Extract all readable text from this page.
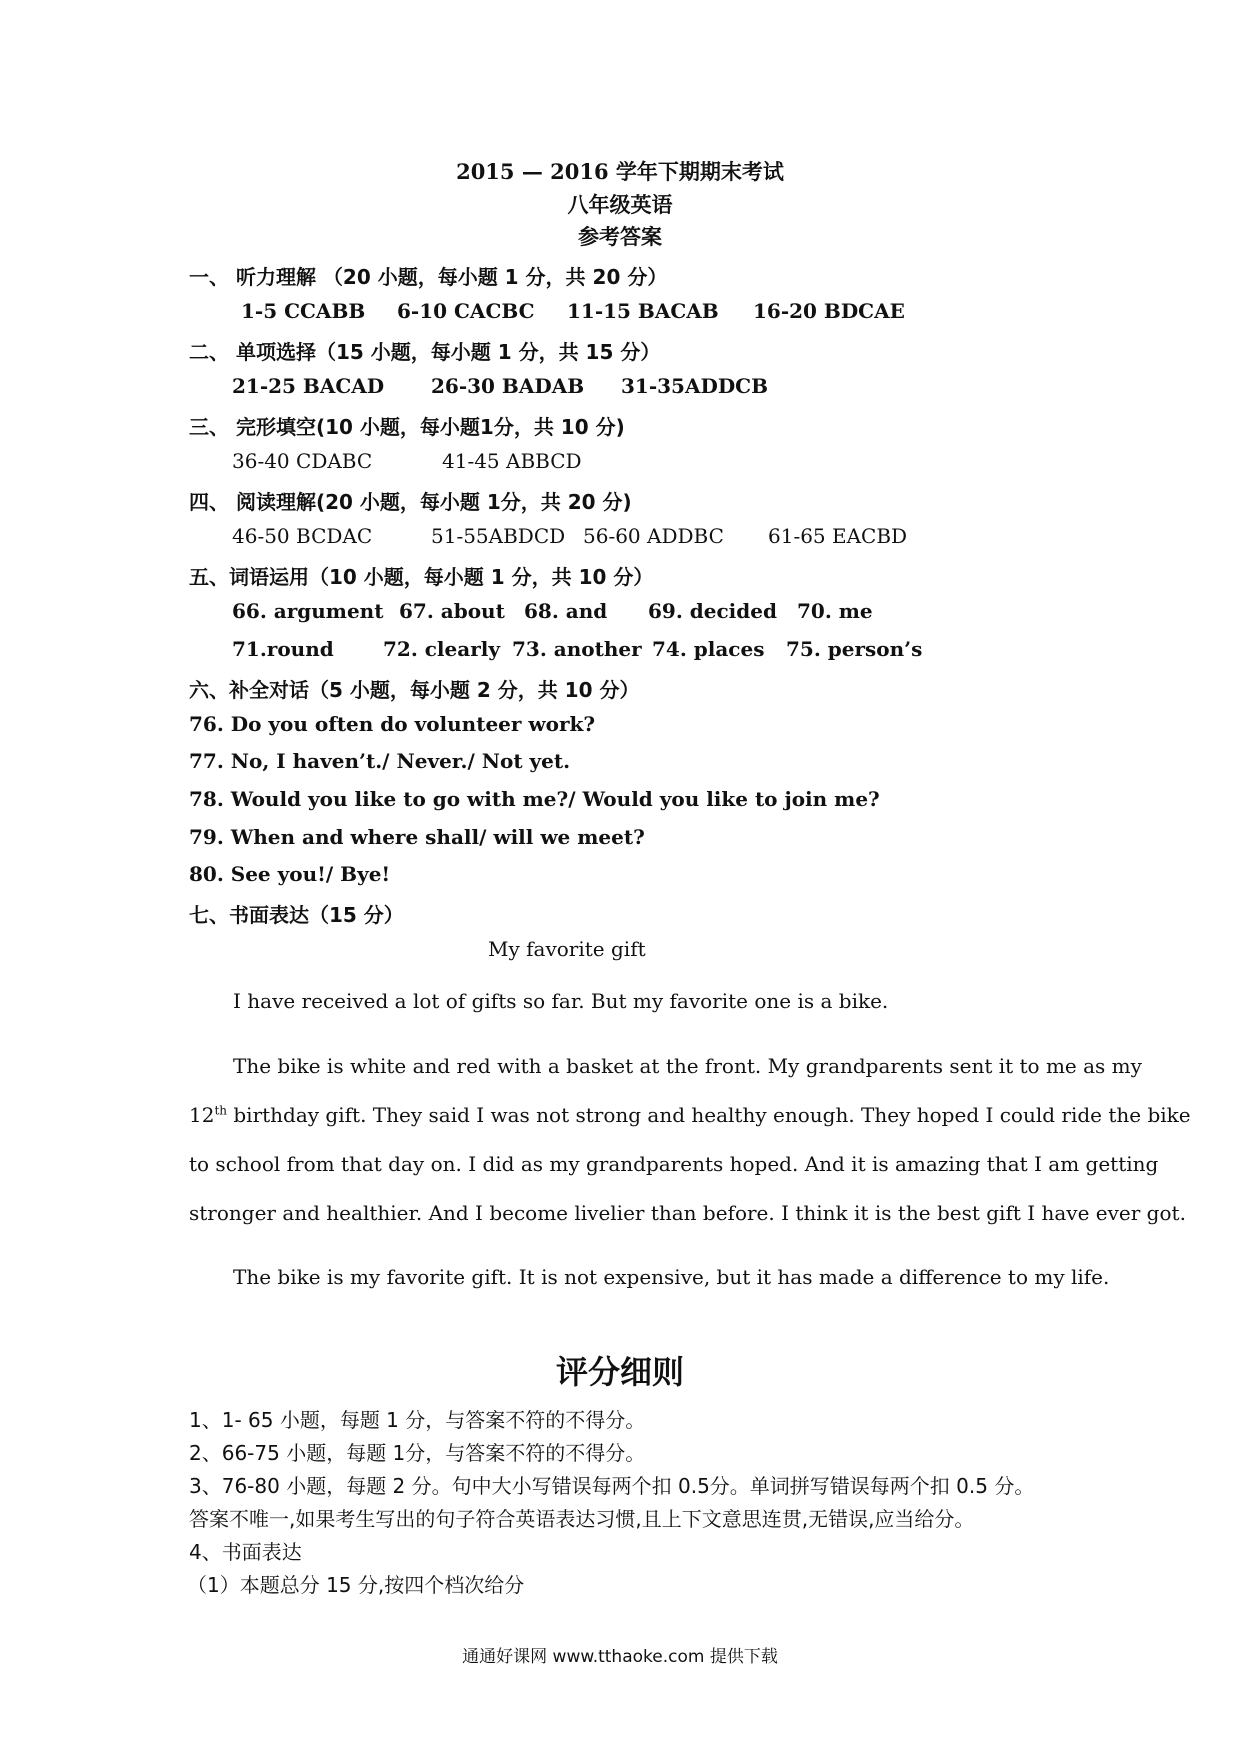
2015 — 2016 学年下期期末考试
八年级英语
参考答案
一、 听力理解 （20 小题，每小题 1 分，共 20 分）
1-5 CCABB 6-10 CACBC 11-15 BACAB 16-20 BDCAE
二、 单项选择（15 小题，每小题 1 分，共 15 分）
21-25 BACAD 26-30 BADAB 31-35ADDCB
三、 完形填空(10 小题，每小题1分，共 10 分)
36-40 CDABC	41-45 ABBCD
四、 阅读理解(20 小题，每小题 1分，共 20 分)
46-50 BCDAC	51-55ABDCD 56-60 ADDBC 61-65 EACBD
五、词语运用（10 小题，每小题 1 分，共 10 分）
66. argument 67. about 68. and 69. decided 70. me
71.round 72. clearly 73. another 74. places 75. person’s
六、补全对话（5 小题，每小题 2 分，共 10 分）
76. Do you often do volunteer work?
77. No, I haven’t./ Never./ Not yet.
78. Would you like to go with me?/ Would you like to join me?
79. When and where shall/ will we meet?
80. See you!/ Bye!
七、书面表达（15 分）
My favorite gift
I have received a lot of gifts so far. But my favorite one is a bike.
The bike is white and red with a basket at the front. My grandparents sent it to me as my
12th birthday gift. They said I was not strong and healthy enough. They hoped I could ride the bike
to school from that day on. I did as my grandparents hoped. And it is amazing that I am getting
stronger and healthier. And I become livelier than before. I think it is the best gift I have ever got.
The bike is my favorite gift. It is not expensive, but it has made a difference to my life.
评分细则
1、1- 65 小题，每题 1 分，与答案不符的不得分。
2、66-75 小题，每题 1分，与答案不符的不得分。
3、76-80 小题，每题 2 分。句中大小写错误每两个扣 0.5分。单词拼写错误每两个扣 0.5 分。
答案不唯一,如果考生写出的句子符合英语表达习惯,且上下文意思连贯,无错误,应当给分。
4、书面表达
（1）本题总分 15 分,按四个档次给分
通通好课网 www.tthaoke.com 提供下载
